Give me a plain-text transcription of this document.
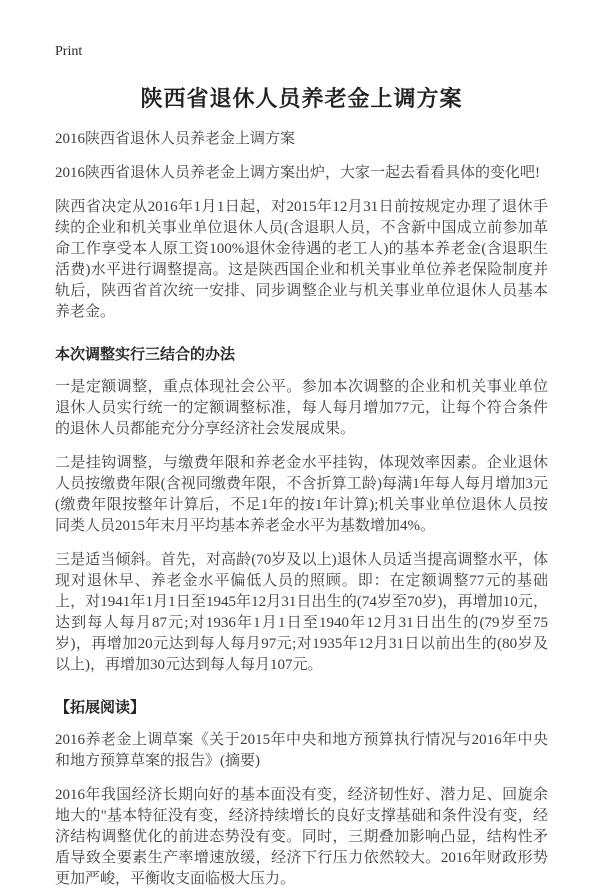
Print
陕西省退休人员养老金上调方案

2016陕西省退休人员养老金上调方案

2016陕西省退休人员养老金上调方案出炉，大家一起去看看具体的变化吧!

陕西省决定从2016年1月1日起，对2015年12月31日前按规定办理了退休手续的企业和机关事业单位退休人员(含退职人员，不含新中国成立前参加革命工作享受本人原工资100%退休金待遇的老工人)的基本养老金(含退职生活费)水平进行调整提高。这是陕西国企业和机关事业单位养老保险制度并轨后，陕西省首次统一安排、同步调整企业与机关事业单位退休人员基本养老金。

本次调整实行三结合的办法

一是定额调整，重点体现社会公平。参加本次调整的企业和机关事业单位退休人员实行统一的定额调整标准，每人每月增加77元，让每个符合条件的退休人员都能充分分享经济社会发展成果。

二是挂钩调整，与缴费年限和养老金水平挂钩，体现效率因素。企业退休人员按缴费年限(含视同缴费年限，不含折算工龄)每满1年每人每月增加3元(缴费年限按整年计算后，不足1年的按1年计算);机关事业单位退休人员按同类人员2015年末月平均基本养老金水平为基数增加4%。

三是适当倾斜。首先，对高龄(70岁及以上)退休人员适当提高调整水平，体现对退休早、养老金水平偏低人员的照顾。即：在定额调整77元的基础上，对1941年1月1日至1945年12月31日出生的(74岁至70岁)，再增加10元，达到每人每月87元;对1936年1月1日至1940年12月31日出生的(79岁至75岁)，再增加20元达到每人每月97元;对1935年12月31日以前出生的(80岁及以上)，再增加30元达到每人每月107元。

【拓展阅读】

2016养老金上调草案《关于2015年中央和地方预算执行情况与2016年中央和地方预算草案的报告》(摘要)

2016年我国经济长期向好的基本面没有变，经济韧性好、潜力足、回旋余地大的"基本特征没有变，经济持续增长的良好支撑基础和条件没有变，经济结构调整优化的前进态势没有变。同时，三期叠加影响凸显，结构性矛盾导致全要素生产率增速放缓，经济下行压力依然较大。2016年财政形势更加严峻，平衡收支面临极大压力。
